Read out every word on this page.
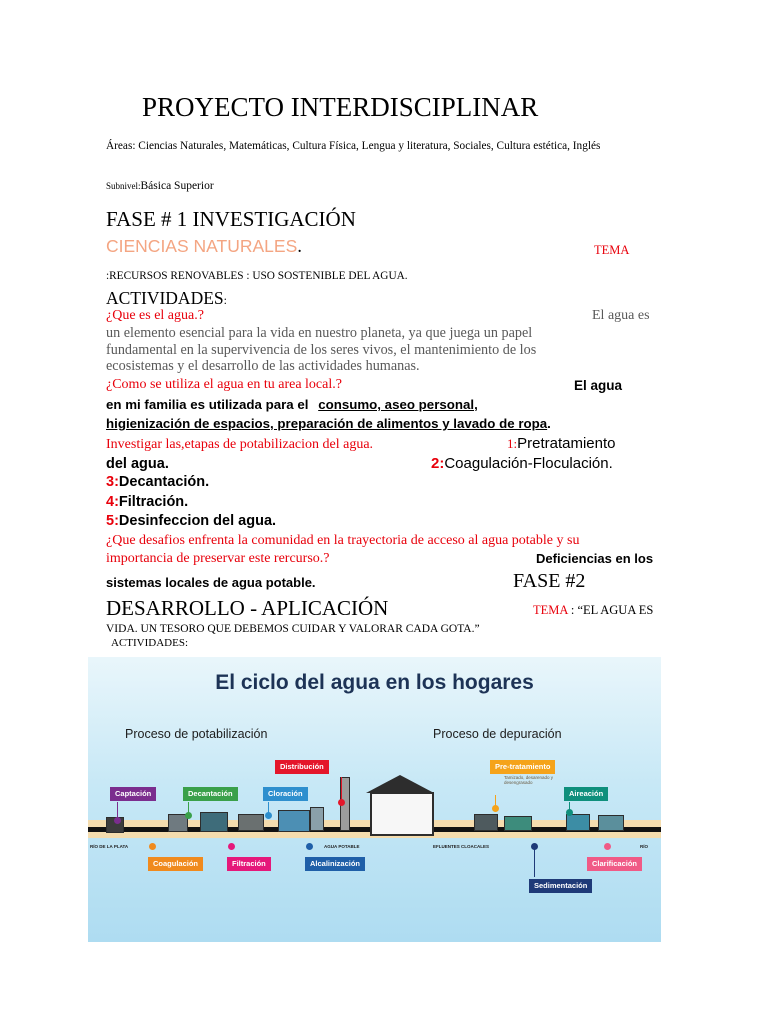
PROYECTO INTERDISCIPLINAR
Áreas: Ciencias Naturales, Matemáticas, Cultura Física, Lengua y literatura, Sociales, Cultura estética, Inglés
Subnivel:Básica Superior
FASE # 1 INVESTIGACIÓN
CIENCIAS NATURALES.	TEMA
:RECURSOS RENOVABLES : USO SOSTENIBLE DEL AGUA.
ACTIVIDADES:
¿Que es el agua.?	El agua es
un elemento esencial para la vida en nuestro planeta, ya que juega un papel
fundamental en la supervivencia de los seres vivos, el mantenimiento de los
ecosistemas y el desarrollo de las actividades humanas.
¿Como se utiliza el agua en tu area local.?	El agua
en mi familia es utilizada para el consumo, aseo personal,
higienización de espacios, preparación de alimentos y lavado de ropa.
Investigar las,etapas de potabilizacion del agua.	1:Pretratamiento
del agua.	2:Coagulación-Floculación.
3:Decantación.
4:Filtración.
5:Desinfeccion del agua.
¿Que desafios enfrenta la comunidad en la trayectoria de acceso al agua potable y su
importancia de preservar este rercurso.?	Deficiencias en los
sistemas locales de agua potable.	FASE #2
DESARROLLO - APLICACIÓN	TEMA : “EL AGUA ES
VIDA. UN TESORO QUE DEBEMOS CUIDAR Y VALORAR CADA GOTA.”
ACTIVIDADES:
El ciclo del agua en los hogares
Proceso de potabilización	Proceso de depuración
RÍO DE LA PLATA	AGUA POTABLE	EFLUENTES CLOACALES	RÍO
Captación	Decantación	Cloración
Distribución	Pre-tratamiento
Tamizado, desarenado y desengrasado
Aireación
Coagulación	Filtración	Alcalinización
Sedimentación
Clarificación
